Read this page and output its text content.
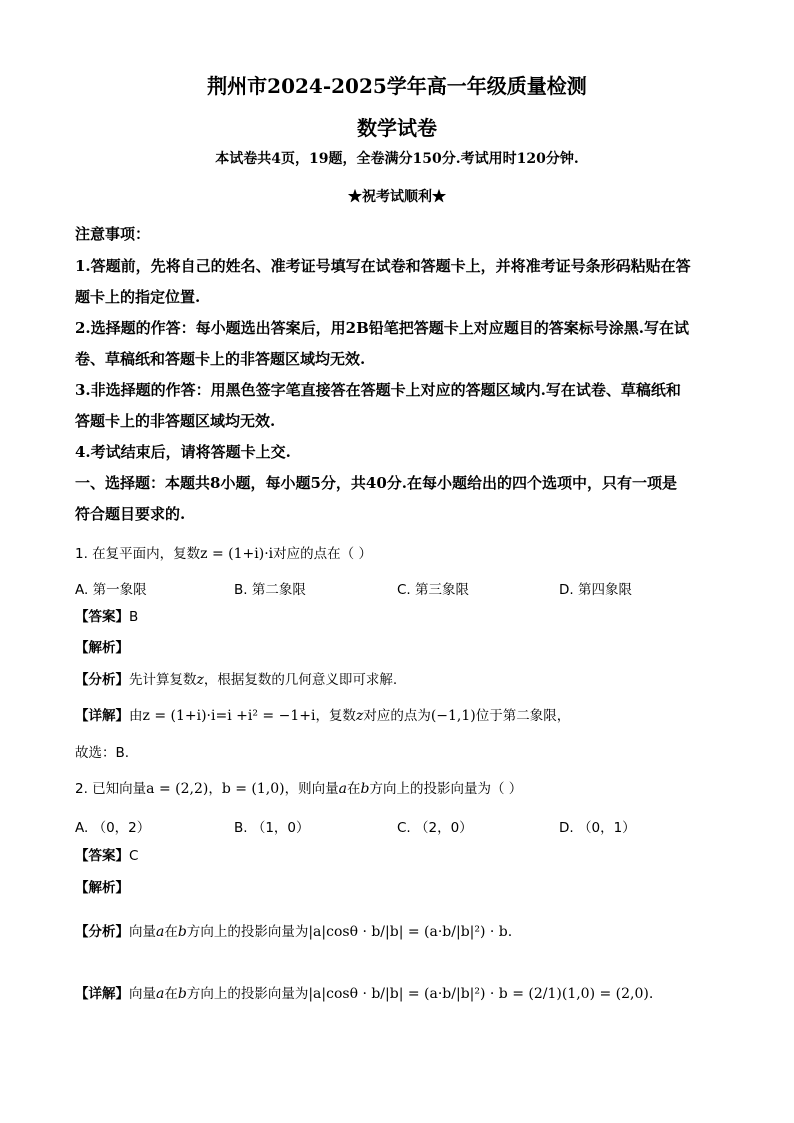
荆州市2024-2025学年高一年级质量检测
数学试卷
本试卷共4页，19题，全卷满分150分.考试用时120分钟.
★祝考试顺利★
注意事项：
1.答题前，先将自己的姓名、准考证号填写在试卷和答题卡上，并将准考证号条形码粘贴在答
题卡上的指定位置.
2.选择题的作答：每小题选出答案后，用2B铅笔把答题卡上对应题目的答案标号涂黑.写在试
卷、草稿纸和答题卡上的非答题区域均无效.
3.非选择题的作答：用黑色签字笔直接答在答题卡上对应的答题区域内.写在试卷、草稿纸和
答题卡上的非答题区域均无效.
4.考试结束后，请将答题卡上交.
一、选择题：本题共8小题，每小题5分，共40分.在每小题给出的四个选项中，只有一项是
符合题目要求的.
1. 在复平面内，复数z = (1+i)·i对应的点在（ ）
A. 第一象限	B. 第二象限	C. 第三象限	D. 第四象限
【答案】B
【解析】
【分析】先计算复数z，根据复数的几何意义即可求解.
【详解】由z = (1+i)·i=i +i² = −1+i，复数z对应的点为(−1,1)位于第二象限，
故选：B.
2. 已知向量a = (2,2)，b = (1,0)，则向量a在b方向上的投影向量为（ ）
A. （0，2）	B. （1，0）	C. （2，0）	D. （0，1）
【答案】C
【解析】
【分析】向量a在b方向上的投影向量为|a|cosθ · b/|b| = (a·b/|b|²) · b.
【详解】向量a在b方向上的投影向量为|a|cosθ · b/|b| = (a·b/|b|²) · b = (2/1)(1,0) = (2,0).
